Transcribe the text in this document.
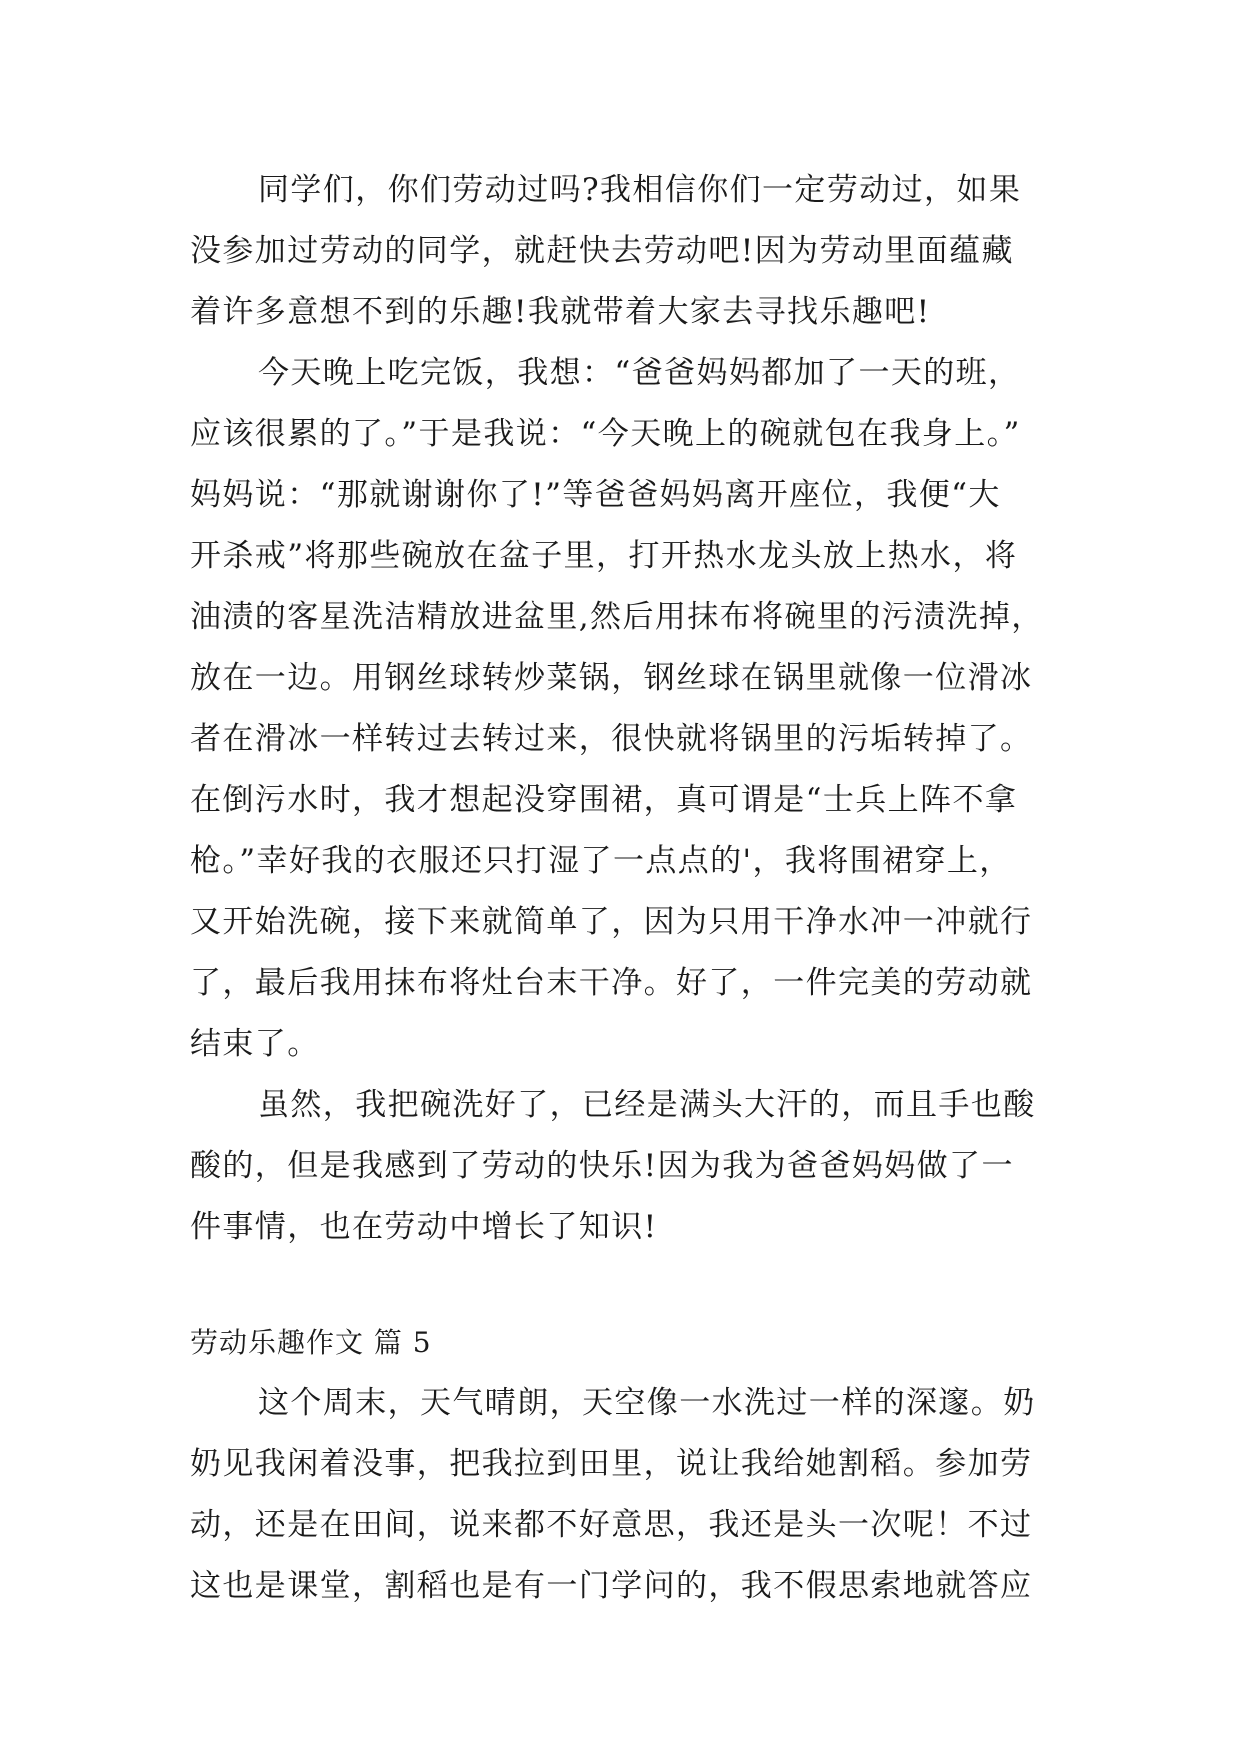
同学们，你们劳动过吗?我相信你们一定劳动过，如果
没参加过劳动的同学，就赶快去劳动吧!因为劳动里面蕴藏
着许多意想不到的乐趣!我就带着大家去寻找乐趣吧!
今天晚上吃完饭，我想：“爸爸妈妈都加了一天的班，
应该很累的了。”于是我说：“今天晚上的碗就包在我身上。”
妈妈说：“那就谢谢你了!”等爸爸妈妈离开座位，我便“大
开杀戒”将那些碗放在盆子里，打开热水龙头放上热水，将
油渍的客星洗洁精放进盆里,然后用抹布将碗里的污渍洗掉，
放在一边。用钢丝球转炒菜锅，钢丝球在锅里就像一位滑冰
者在滑冰一样转过去转过来，很快就将锅里的污垢转掉了。
在倒污水时，我才想起没穿围裙，真可谓是“士兵上阵不拿
枪。”幸好我的衣服还只打湿了一点点的'，我将围裙穿上，
又开始洗碗，接下来就简单了，因为只用干净水冲一冲就行
了，最后我用抹布将灶台末干净。好了，一件完美的劳动就
结束了。
虽然，我把碗洗好了，已经是满头大汗的，而且手也酸
酸的，但是我感到了劳动的快乐!因为我为爸爸妈妈做了一
件事情，也在劳动中增长了知识!
劳动乐趣作文 篇 5
这个周末，天气晴朗，天空像一水洗过一样的深邃。奶
奶见我闲着没事，把我拉到田里，说让我给她割稻。参加劳
动，还是在田间，说来都不好意思，我还是头一次呢！不过
这也是课堂，割稻也是有一门学问的，我不假思索地就答应
